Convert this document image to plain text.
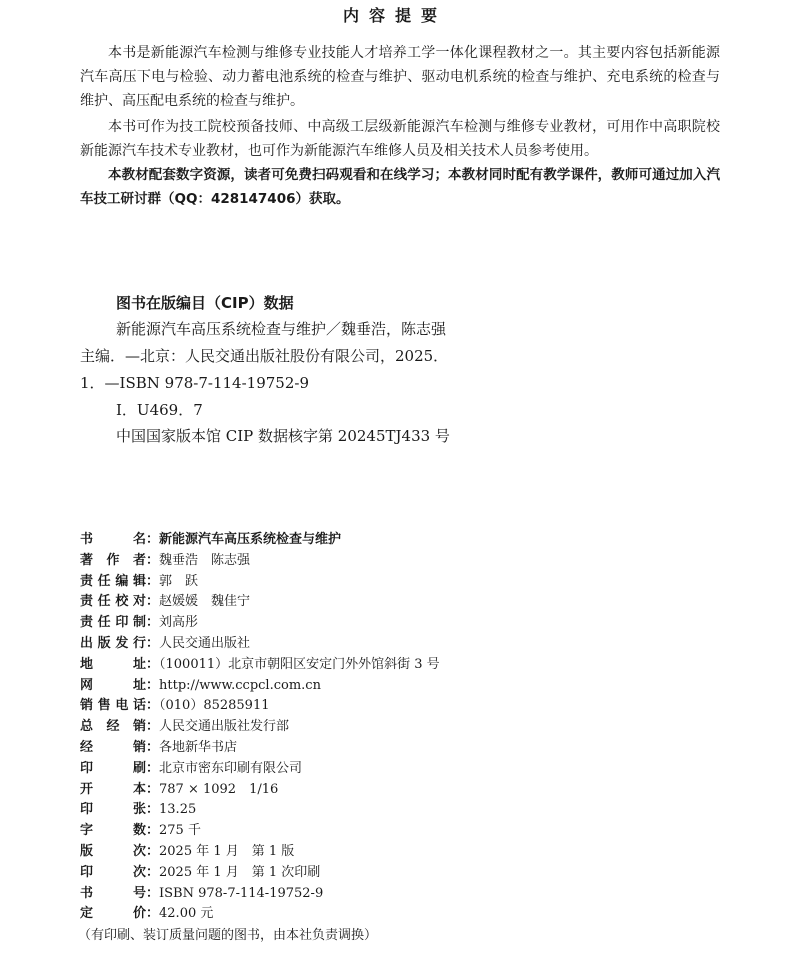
内容提要

本书是新能源汽车检测与维修专业技能人才培养工学一体化课程教材之一。其主要内容包括新能源汽车高压下电与检验、动力蓄电池系统的检查与维护、驱动电机系统的检查与维护、充电系统的检查与维护、高压配电系统的检查与维护。

本书可作为技工院校预备技师、中高级工层级新能源汽车检测与维修专业教材，可用作中高职院校新能源汽车技术专业教材，也可作为新能源汽车维修人员及相关技术人员参考使用。

本教材配套数字资源，读者可免费扫码观看和在线学习；本教材同时配有教学课件，教师可通过加入汽车技工研讨群（QQ：428147406）获取。

图书在版编目（CIP）数据
新能源汽车高压系统检查与维护／魏垂浩，陈志强
主编．—北京：人民交通出版社股份有限公司，2025．
1．—ISBN 978-7-114-19752-9
Ⅰ．U469．7
中国国家版本馆 CIP 数据核字第 20245TJ433 号
书名：新能源汽车高压系统检查与维护
著作者：魏垂浩　陈志强
责任编辑：郭　跃
责任校对：赵媛媛　魏佳宁
责任印制：刘高彤
出版发行：人民交通出版社
地址：（100011）北京市朝阳区安定门外外馆斜街 3 号
网址：http://www.ccpcl.com.cn
销售电话：（010）85285911
总经销：人民交通出版社发行部
经销：各地新华书店
印刷：北京市密东印刷有限公司
开本：787 × 1092　1/16
印张：13.25
字数：275 千
版次：2025 年 1 月　第 1 版
印次：2025 年 1 月　第 1 次印刷
书号：ISBN 978-7-114-19752-9
定价：42.00 元
（有印刷、装订质量问题的图书，由本社负责调换）
